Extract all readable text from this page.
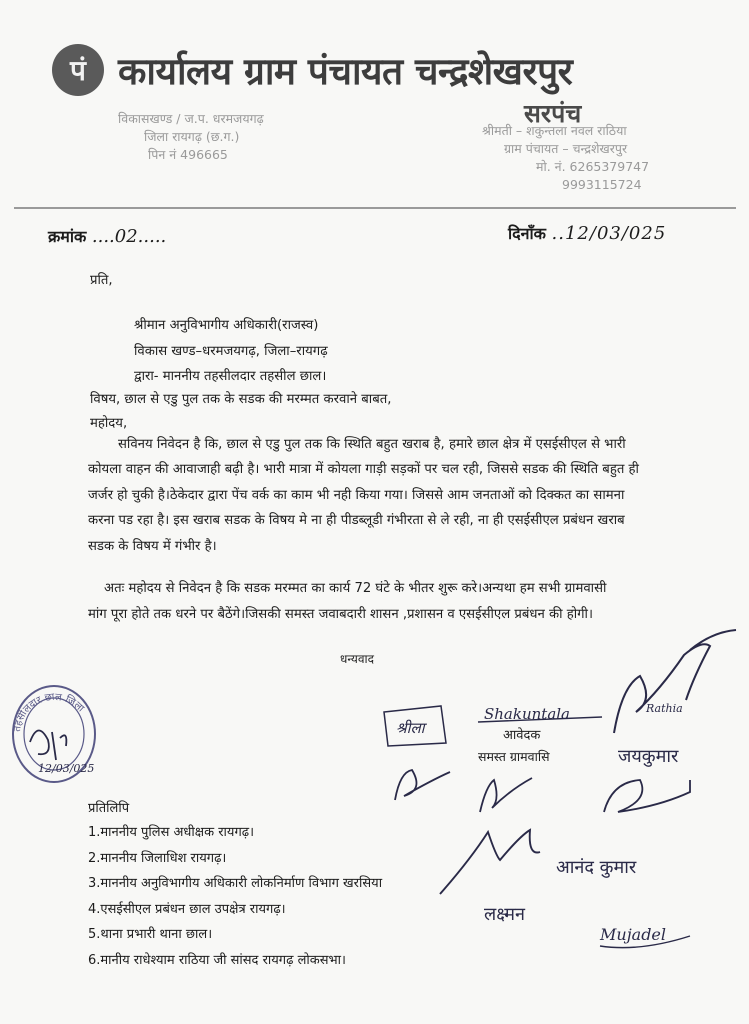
पं कार्यालय ग्राम पंचायत चन्द्रशेखरपुर
सरपंच
विकासखण्ड / ज.प. धरमजयगढ़
जिला रायगढ़ (छ.ग.)
पिन नं 496665
श्रीमती – शकुन्तला नवल राठिया
ग्राम पंचायत – चन्द्रशेखरपुर
मो. नं. 6265379747
9993115724
क्रमांक ....02.....	दिनाँक ..12/03/025
प्रति,
श्रीमान अनुविभागीय अधिकारी(राजस्व)
विकास खण्ड–धरमजयगढ़, जिला–रायगढ़
द्वारा- माननीय तहसीलदार तहसील छाल।
विषय, छाल से एडु पुल तक के सडक की मरम्मत करवाने बाबत,
महोदय,
सविनय निवेदन है कि, छाल से एडु पुल तक कि स्थिति बहुत खराब है, हमारे छाल क्षेत्र में एसईसीएल से भारी
कोयला वाहन की आवाजाही बढ़ी है। भारी मात्रा में कोयला गाड़ी सड़कों पर चल रही, जिससे सडक की स्थिति बहुत ही
जर्जर हो चुकी है।ठेकेदार द्वारा पेंच वर्क का काम भी नही किया गया। जिससे आम जनताओं को दिक्कत का सामना
करना पड रहा है। इस खराब सडक के विषय मे ना ही पीडब्लूडी गंभीरता से ले रही, ना ही एसईसीएल प्रबंधन खराब
सडक के विषय में गंभीर है।
अतः महोदय से निवेदन है कि सडक मरम्मत का कार्य 72 घंटे के भीतर शुरू करे।अन्यथा हम सभी ग्रामवासी
मांग पूरा होते तक धरने पर बैठेंगे।जिसकी समस्त जवाबदारी शासन ,प्रशासन व एसईसीएल प्रबंधन की होगी।
धन्यवाद
तहसीलदार छाल जिला
12/03/025
श्रीला
Shakuntala
आवेदक
समस्त ग्रामवासि
Rathia
जयकुमार
आनंद कुमार
लक्ष्मन
Mujadel
प्रतिलिपि
1.माननीय पुलिस अधीक्षक रायगढ़।
2.माननीय जिलाधिश रायगढ़।
3.माननीय अनुविभागीय अधिकारी लोकनिर्माण विभाग खरसिया
4.एसईसीएल प्रबंधन छाल उपक्षेत्र रायगढ़।
5.थाना प्रभारी थाना छाल।
6.मानीय राधेश्याम राठिया जी सांसद रायगढ़ लोकसभा।
